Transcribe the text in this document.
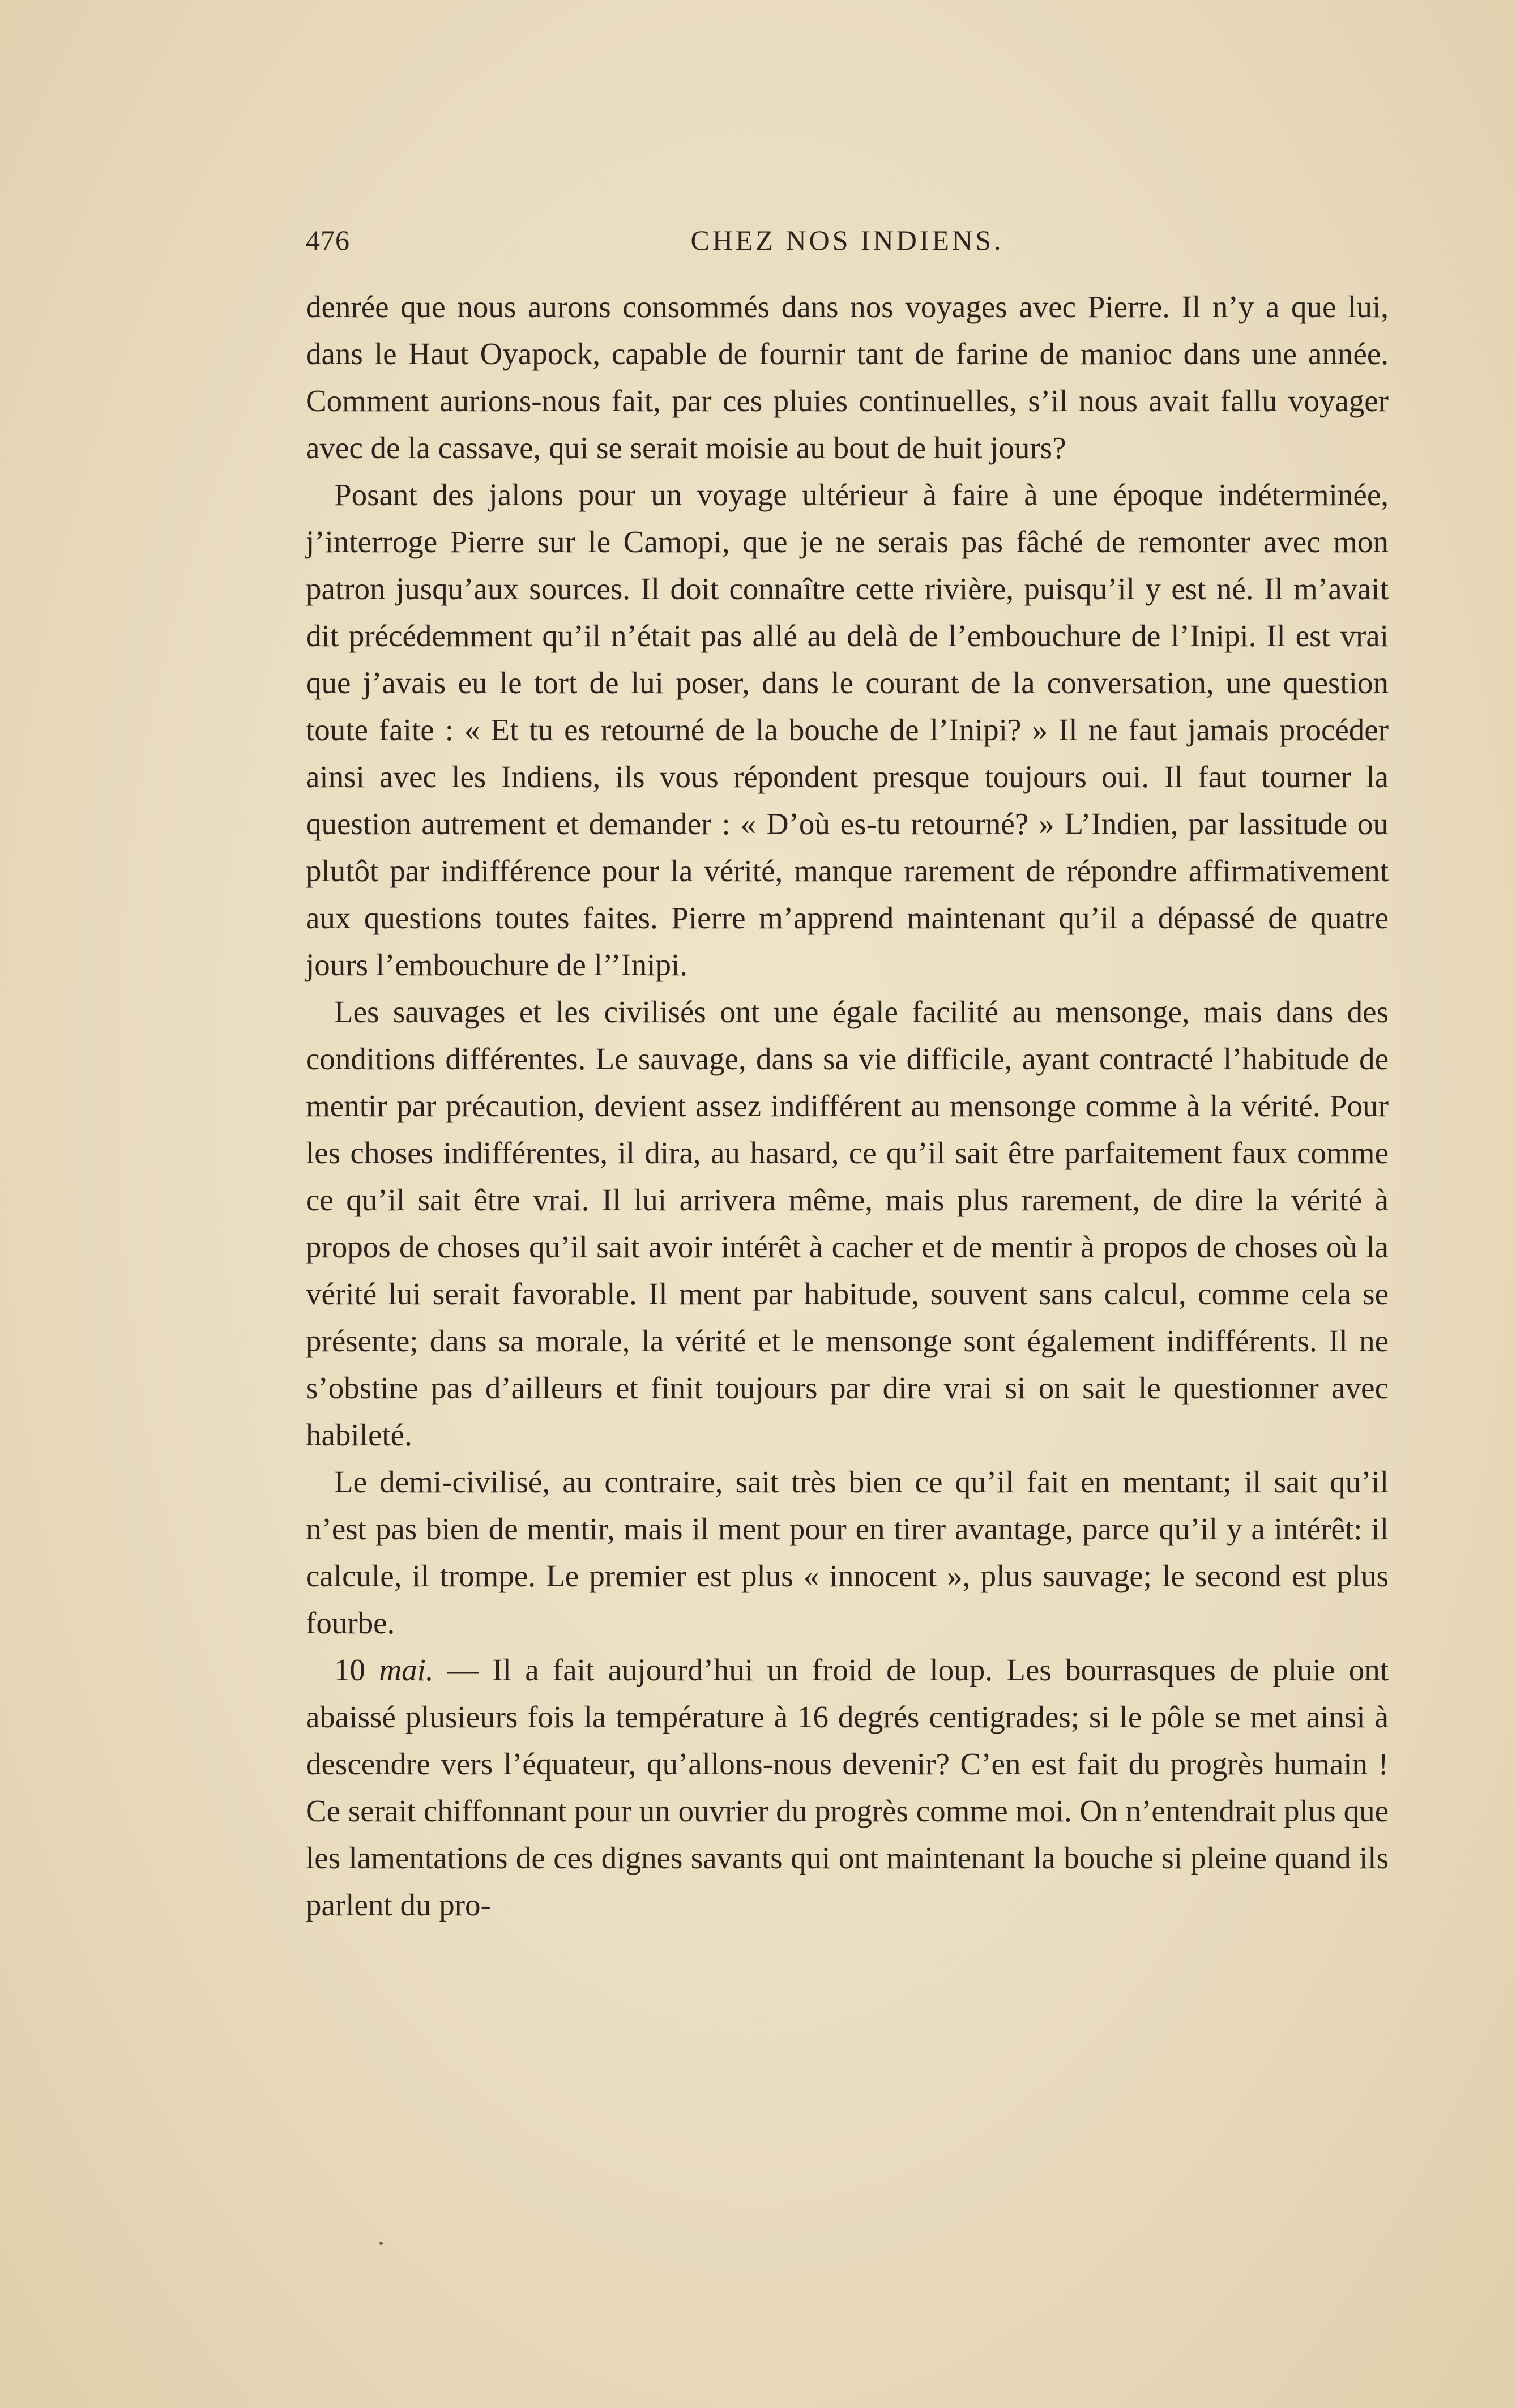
476	CHEZ NOS INDIENS.

denrée que nous aurons consommés dans nos voyages avec Pierre. Il n’y a que lui, dans le Haut Oyapock, capable de fournir tant de farine de manioc dans une année. Comment aurions-nous fait, par ces pluies continuelles, s’il nous avait fallu voyager avec de la cassave, qui se serait moisie au bout de huit jours?

Posant des jalons pour un voyage ultérieur à faire à une époque indéterminée, j’interroge Pierre sur le Camopi, que je ne serais pas fâché de remonter avec mon patron jusqu’aux sources. Il doit connaître cette rivière, puisqu’il y est né. Il m’avait dit précédemment qu’il n’était pas allé au delà de l’embouchure de l’Inipi. Il est vrai que j’avais eu le tort de lui poser, dans le courant de la conversation, une question toute faite : « Et tu es retourné de la bouche de l’Inipi? » Il ne faut jamais procéder ainsi avec les Indiens, ils vous répondent presque toujours oui. Il faut tourner la question autrement et demander : « D’où es-tu retourné? » L’Indien, par lassitude ou plutôt par indifférence pour la vérité, manque rarement de répondre affirmativement aux questions toutes faites. Pierre m’apprend maintenant qu’il a dépassé de quatre jours l’embouchure de l’’Inipi.

Les sauvages et les civilisés ont une égale facilité au mensonge, mais dans des conditions différentes. Le sauvage, dans sa vie difficile, ayant contracté l’habitude de mentir par précaution, devient assez indifférent au mensonge comme à la vérité. Pour les choses indifférentes, il dira, au hasard, ce qu’il sait être parfaitement faux comme ce qu’il sait être vrai. Il lui arrivera même, mais plus rarement, de dire la vérité à propos de choses qu’il sait avoir intérêt à cacher et de mentir à propos de choses où la vérité lui serait favorable. Il ment par habitude, souvent sans calcul, comme cela se présente; dans sa morale, la vérité et le mensonge sont également indifférents. Il ne s’obstine pas d’ailleurs et finit toujours par dire vrai si on sait le questionner avec habileté.

Le demi-civilisé, au contraire, sait très bien ce qu’il fait en mentant; il sait qu’il n’est pas bien de mentir, mais il ment pour en tirer avantage, parce qu’il y a intérêt: il calcule, il trompe. Le premier est plus « innocent », plus sauvage; le second est plus fourbe.

10 mai. — Il a fait aujourd’hui un froid de loup. Les bourrasques de pluie ont abaissé plusieurs fois la température à 16 degrés centigrades; si le pôle se met ainsi à descendre vers l’équateur, qu’allons-nous devenir? C’en est fait du progrès humain ! Ce serait chiffonnant pour un ouvrier du progrès comme moi. On n’entendrait plus que les lamentations de ces dignes savants qui ont maintenant la bouche si pleine quand ils parlent du pro-
